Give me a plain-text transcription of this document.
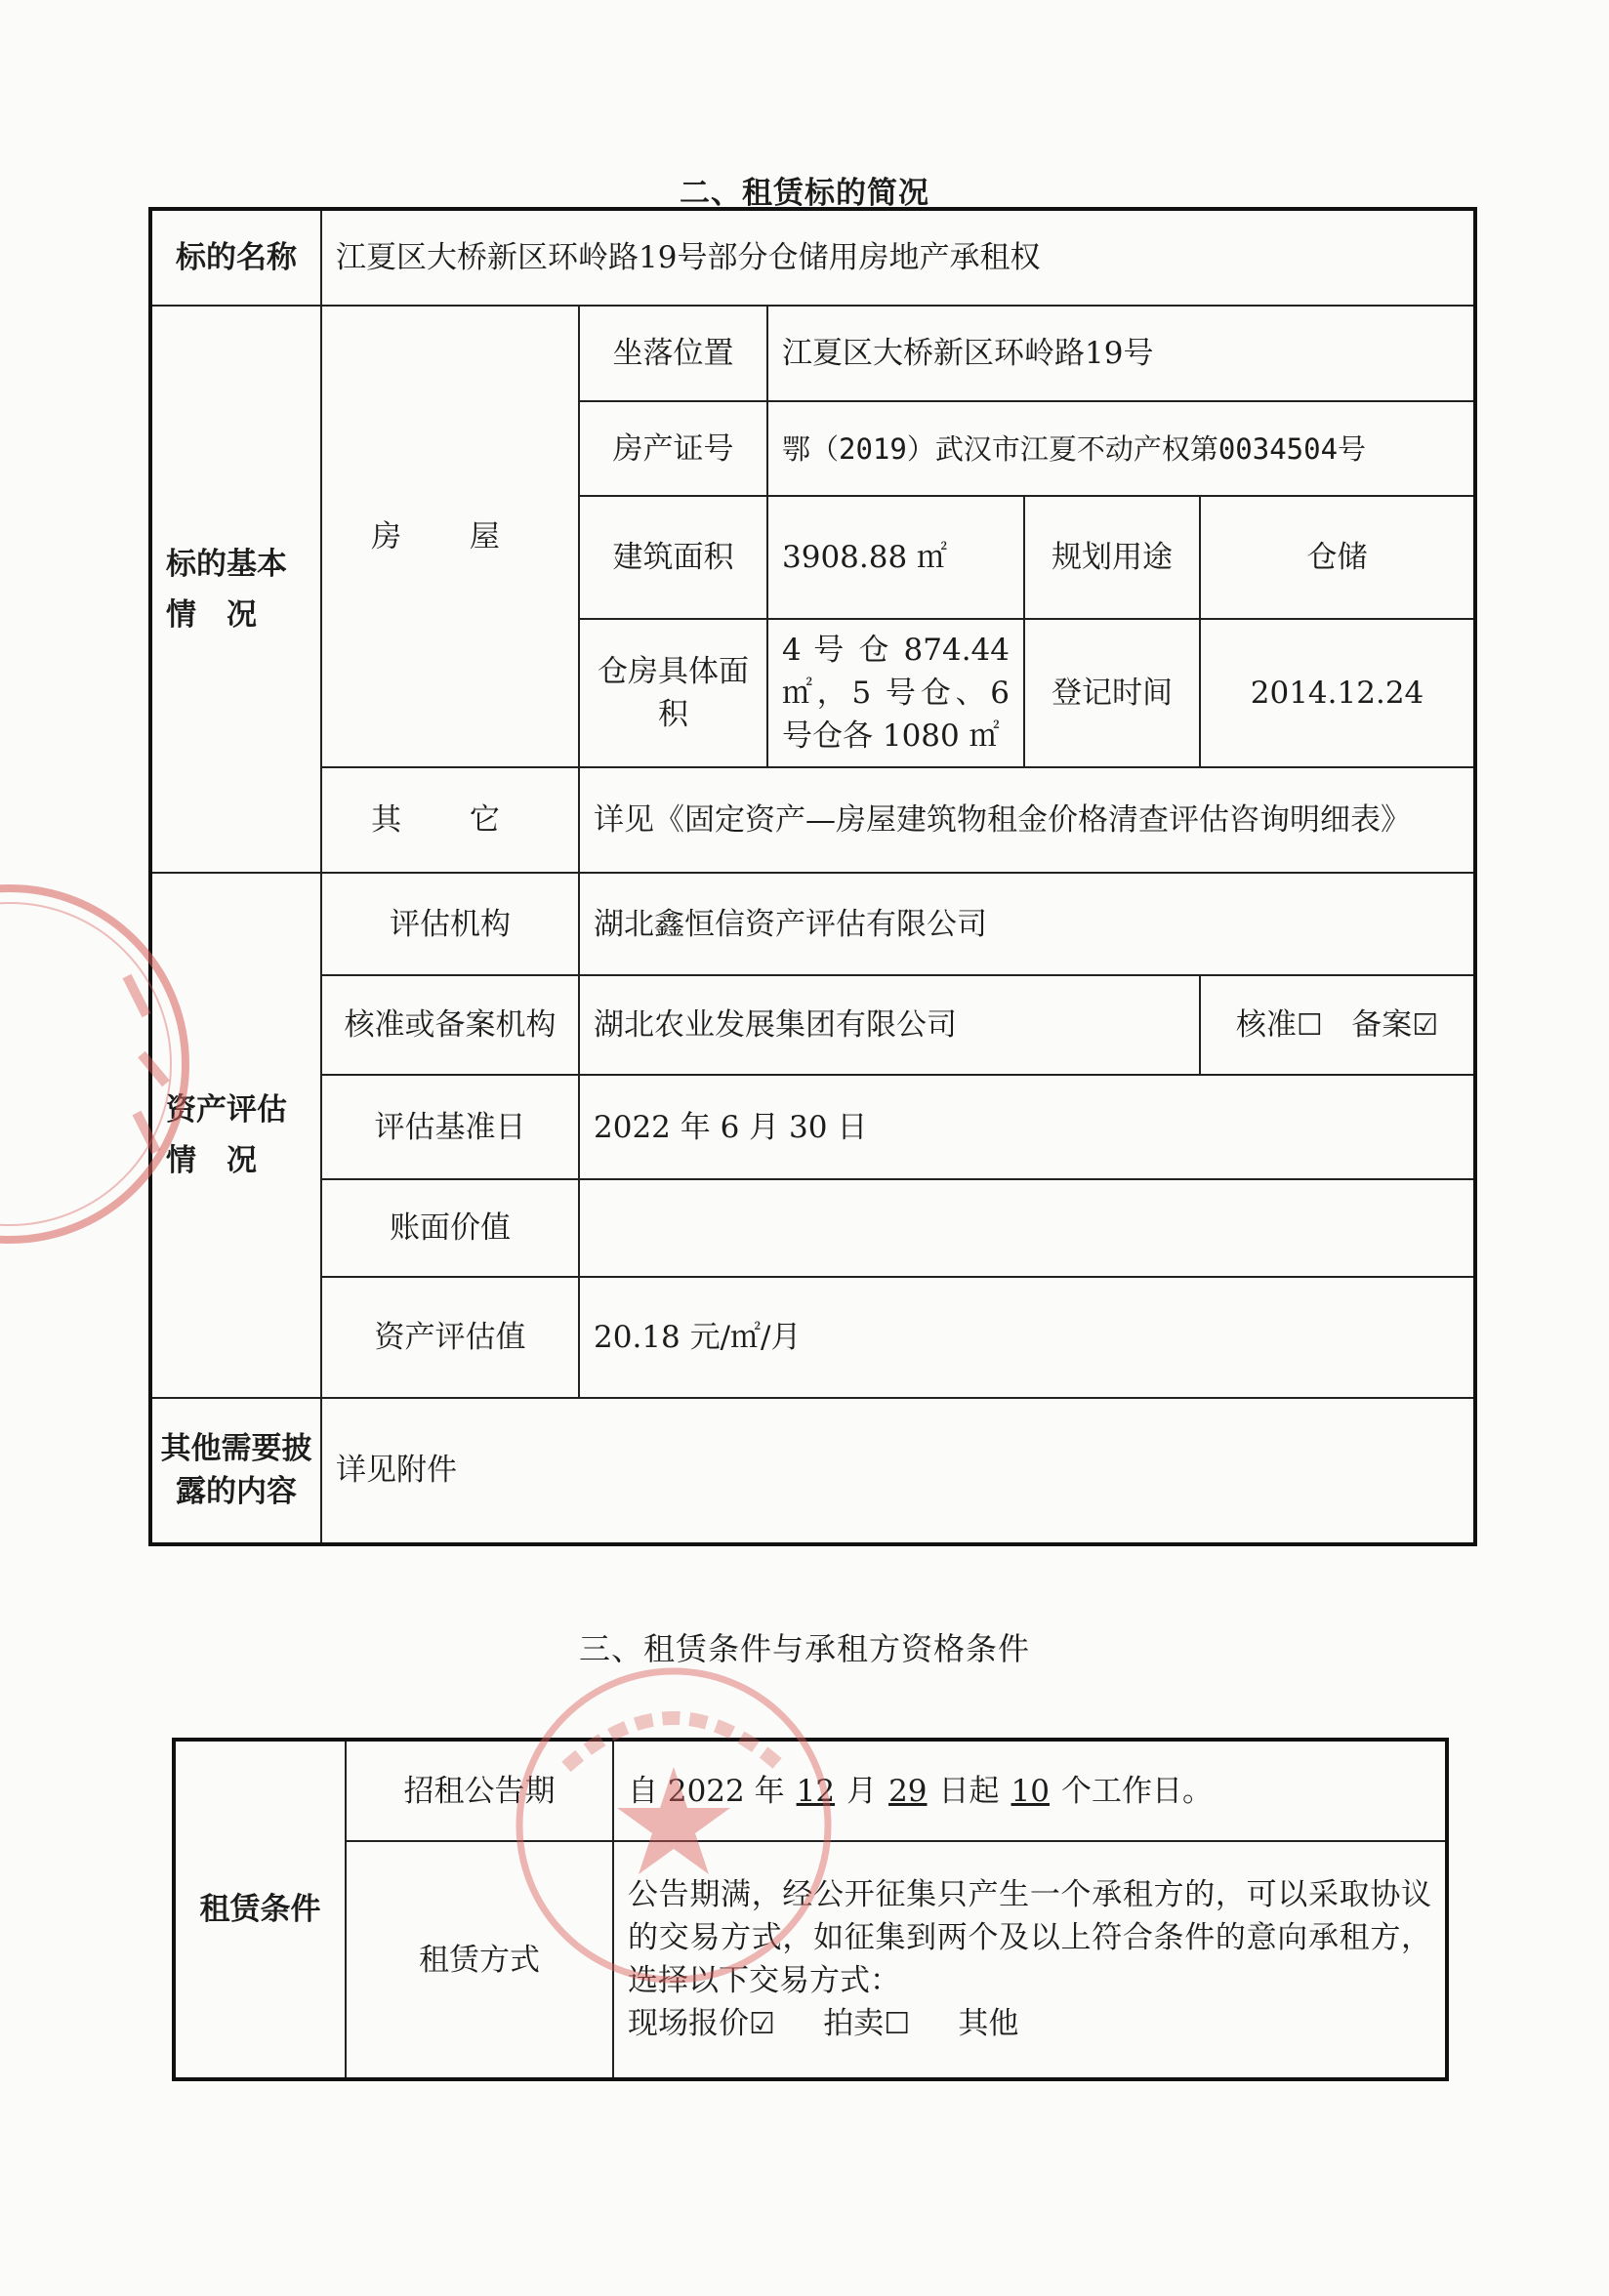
二、租赁标的简况
标的名称	江夏区大桥新区环岭路19号部分仓储用房地产承租权				
标的基本情　况	房 屋	坐落位置	江夏区大桥新区环岭路19号		
		房产证号	鄂（2019）武汉市江夏不动产权第0034504号		
		建筑面积	3908.88 ㎡	规划用途	仓储
		仓房具体面积	4 号 仓 874.44 ㎡，5 号仓、6 号仓各 1080 ㎡	登记时间	2014.12.24
	其 它	详见《固定资产—房屋建筑物租金价格清查评估咨询明细表》			
资产评估情　况	评估机构	湖北鑫恒信资产评估有限公司			
	核准或备案机构	湖北农业发展集团有限公司			核准☐ 备案☑
	评估基准日	2022 年 6 月 30 日			
	账面价值				
	资产评估值	20.18 元/㎡/月			
其他需要披露的内容	详见附件				
三、租赁条件与承租方资格条件
租赁条件	招租公告期	自 2022 年 12 月 29 日起 10 个工作日。
	租赁方式	公告期满，经公开征集只产生一个承租方的，可以采取协议的交易方式，如征集到两个及以上符合条件的意向承租方，选择以下交易方式：
现场报价☑ 拍卖☐ 其他
